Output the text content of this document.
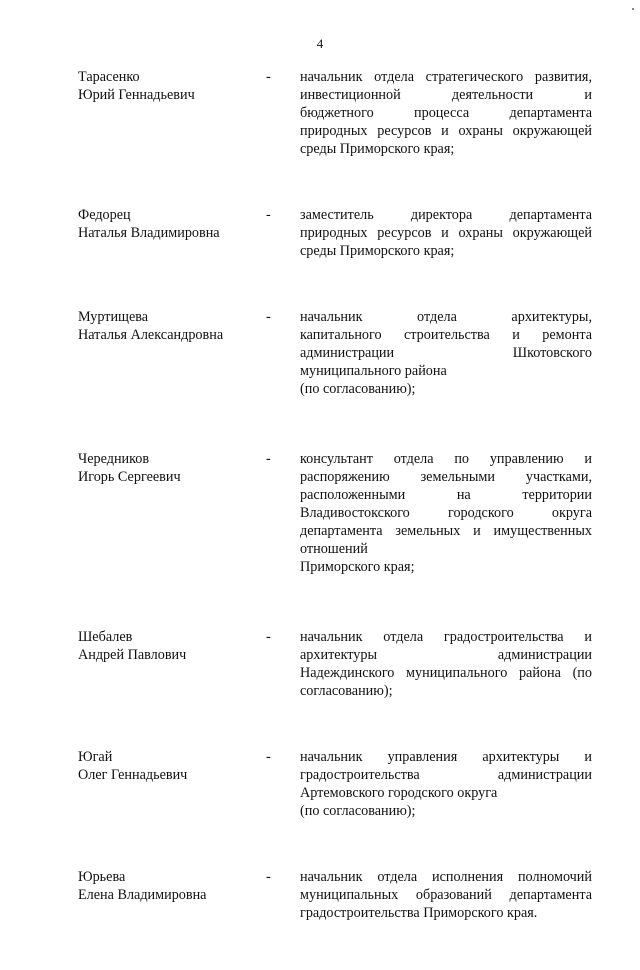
4
Тарасенко
Юрий Геннадьевич
-	начальник отдела стратегического развития,
инвестиционной деятельности и
бюджетного процесса департамента
природных ресурсов и охраны окружающей
среды Приморского края;
Федорец
Наталья Владимировна
-	заместитель директора департамента
природных ресурсов и охраны окружающей
среды Приморского края;
Муртищева
Наталья Александровна
-	начальник отдела архитектуры,
капитального строительства и ремонта
администрации Шкотовского
муниципального района
(по согласованию);
Чередников
Игорь Сергеевич
-	консультант отдела по управлению и
распоряжению земельными участками,
расположенными на территории
Владивостокского городского округа
департамента земельных и имущественных
отношений
Приморского края;
Шебалев
Андрей Павлович
-	начальник отдела градостроительства и
архитектуры администрации
Надеждинского муниципального района (по
согласованию);
Югай
Олег Геннадьевич
-	начальник управления архитектуры и
градостроительства администрации
Артемовского городского округа
(по согласованию);
Юрьева
Елена Владимировна
-	начальник отдела исполнения полномочий
муниципальных образований департамента
градостроительства Приморского края.
